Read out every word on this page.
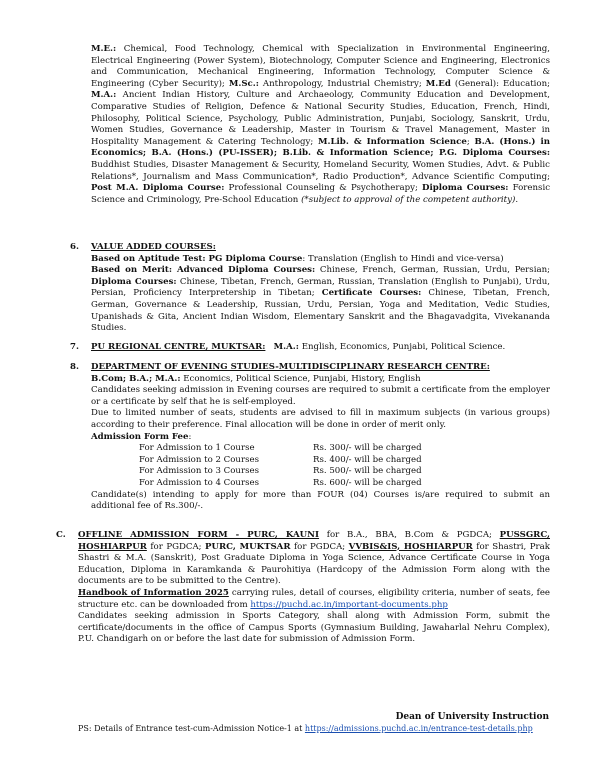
M.E.: Chemical, Food Technology, Chemical with Specialization in Environmental Engineering, Electrical Engineering (Power System), Biotechnology, Computer Science and Engineering, Electronics and Communication, Mechanical Engineering, Information Technology, Computer Science & Engineering (Cyber Security); M.Sc.: Anthropology, Industrial Chemistry; M.Ed (General): Education; M.A.: Ancient Indian History, Culture and Archaeology, Community Education and Development, Comparative Studies of Religion, Defence & National Security Studies, Education, French, Hindi, Philosophy, Political Science, Psychology, Public Administration, Punjabi, Sociology, Sanskrit, Urdu, Women Studies, Governance & Leadership, Master in Tourism & Travel Management, Master in Hospitality Management & Catering Technology; M.Lib. & Information Science; B.A. (Hons.) in Economics; B.A. (Hons.) (PU-ISSER); B.Lib. & Information Science; P.G. Diploma Courses: Buddhist Studies, Disaster Management & Security, Homeland Security, Women Studies, Advt. & Public Relations*, Journalism and Mass Communication*, Radio Production*, Advance Scientific Computing; Post M.A. Diploma Course: Professional Counseling & Psychotherapy; Diploma Courses: Forensic Science and Criminology, Pre-School Education (*subject to approval of the competent authority).

6. VALUE ADDED COURSES:

Based on Aptitude Test: PG Diploma Course: Translation (English to Hindi and vice-versa)

Based on Merit: Advanced Diploma Courses: Chinese, French, German, Russian, Urdu, Persian; Diploma Courses: Chinese, Tibetan, French, German, Russian, Translation (English to Punjabi), Urdu, Persian, Proficiency Interpretership in Tibetan; Certificate Courses: Chinese, Tibetan, French, German, Governance & Leadership, Russian, Urdu, Persian, Yoga and Meditation, Vedic Studies, Upanishads & Gita, Ancient Indian Wisdom, Elementary Sanskrit and the Bhagavadgita, Vivekananda Studies.

7. PU REGIONAL CENTRE, MUKTSAR: M.A.: English, Economics, Punjabi, Political Science.

8. DEPARTMENT OF EVENING STUDIES-MULTIDISCIPLINARY RESEARCH CENTRE:

B.Com; B.A.; M.A.: Economics, Political Science, Punjabi, History, English

Candidates seeking admission in Evening courses are required to submit a certificate from the employer or a certificate by self that he is self-employed.

Due to limited number of seats, students are advised to fill in maximum subjects (in various groups) according to their preference. Final allocation will be done in order of merit only.

Admission Form Fee:

For Admission to 1 Course	Rs. 300/- will be charged
For Admission to 2 Courses	Rs. 400/- will be charged
For Admission to 3 Courses	Rs. 500/- will be charged
For Admission to 4 Courses	Rs. 600/- will be charged

Candidate(s) intending to apply for more than FOUR (04) Courses is/are required to submit an additional fee of Rs.300/-.

C. OFFLINE ADMISSION FORM - PURC, KAUNI for B.A., BBA, B.Com & PGDCA; PUSSGRC, HOSHIARPUR for PGDCA; PURC, MUKTSAR for PGDCA; VVBIS&IS, HOSHIARPUR for Shastri, Prak Shastri & M.A. (Sanskrit), Post Graduate Diploma in Yoga Science, Advance Certificate Course in Yoga Education, Diploma in Karamkanda & Paurohitiya (Hardcopy of the Admission Form along with the documents are to be submitted to the Centre).

Handbook of Information 2025 carrying rules, detail of courses, eligibility criteria, number of seats, fee structure etc. can be downloaded from https://puchd.ac.in/important-documents.php

Candidates seeking admission in Sports Category, shall along with Admission Form, submit the certificate/documents in the office of Campus Sports (Gymnasium Building, Jawaharlal Nehru Complex), P.U. Chandigarh on or before the last date for submission of Admission Form.

Dean of University Instruction
PS: Details of Entrance test-cum-Admission Notice-1 at https://admissions.puchd.ac.in/entrance-test-details.php
